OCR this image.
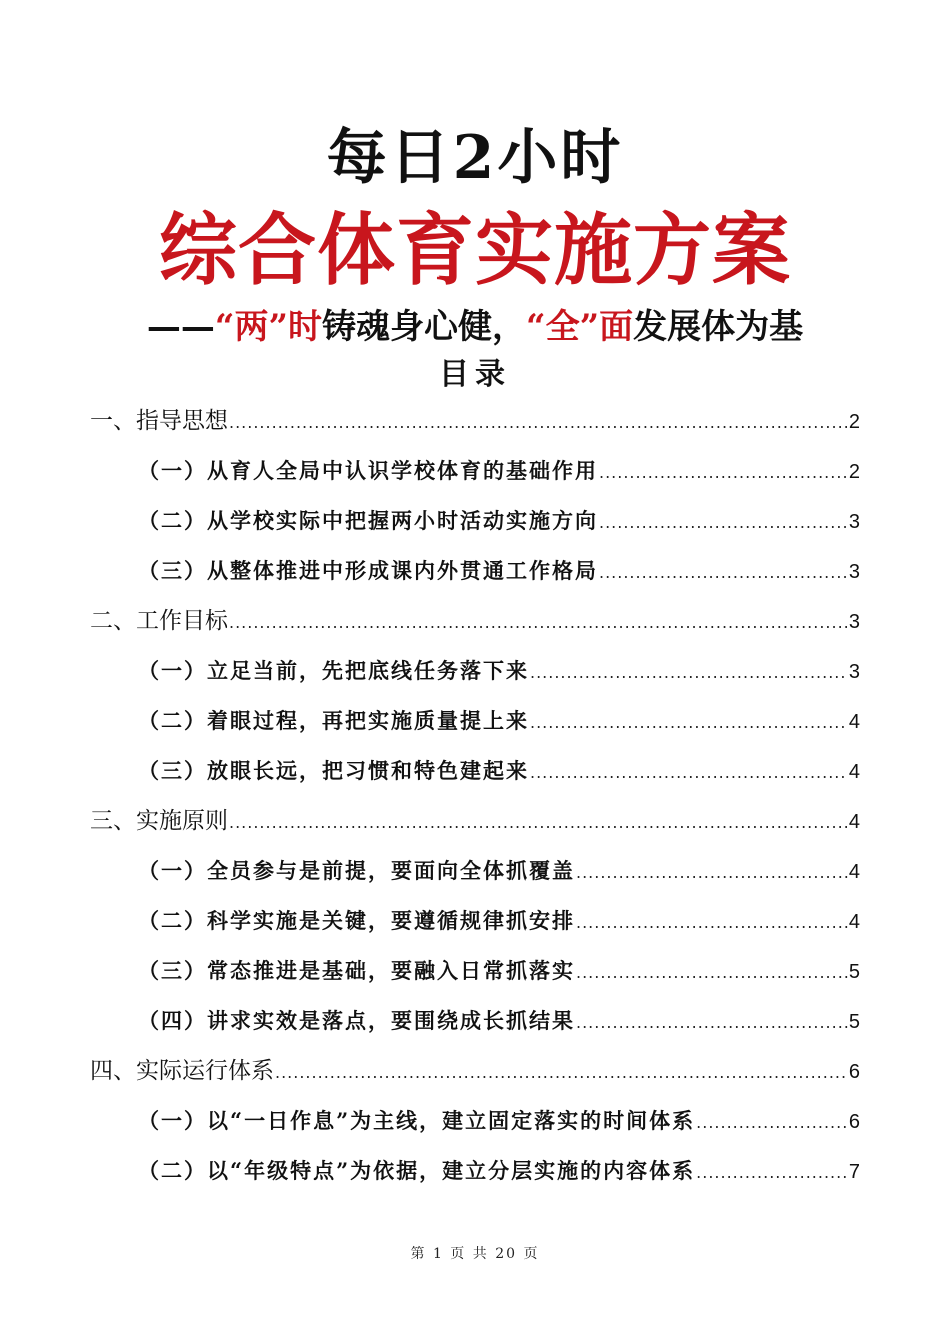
每日2小时
综合体育实施方案
——“两”时铸魂身心健，“全”面发展体为基
目录
一、指导思想 .....	2
（一）从育人全局中认识学校体育的基础作用 .....	2
（二）从学校实际中把握两小时活动实施方向 .....	3
（三）从整体推进中形成课内外贯通工作格局 .....	3
二、工作目标 .....	3
（一）立足当前，先把底线任务落下来 .....	3
（二）着眼过程，再把实施质量提上来 .....	4
（三）放眼长远，把习惯和特色建起来 .....	4
三、实施原则 .....	4
（一）全员参与是前提，要面向全体抓覆盖 .....	4
（二）科学实施是关键，要遵循规律抓安排 .....	4
（三）常态推进是基础，要融入日常抓落实 .....	5
（四）讲求实效是落点，要围绕成长抓结果 .....	5
四、实际运行体系 .....	6
（一）以“一日作息”为主线，建立固定落实的时间体系 .....	6
（二）以“年级特点”为依据，建立分层实施的内容体系 .....	7
第 1 页 共 20 页
